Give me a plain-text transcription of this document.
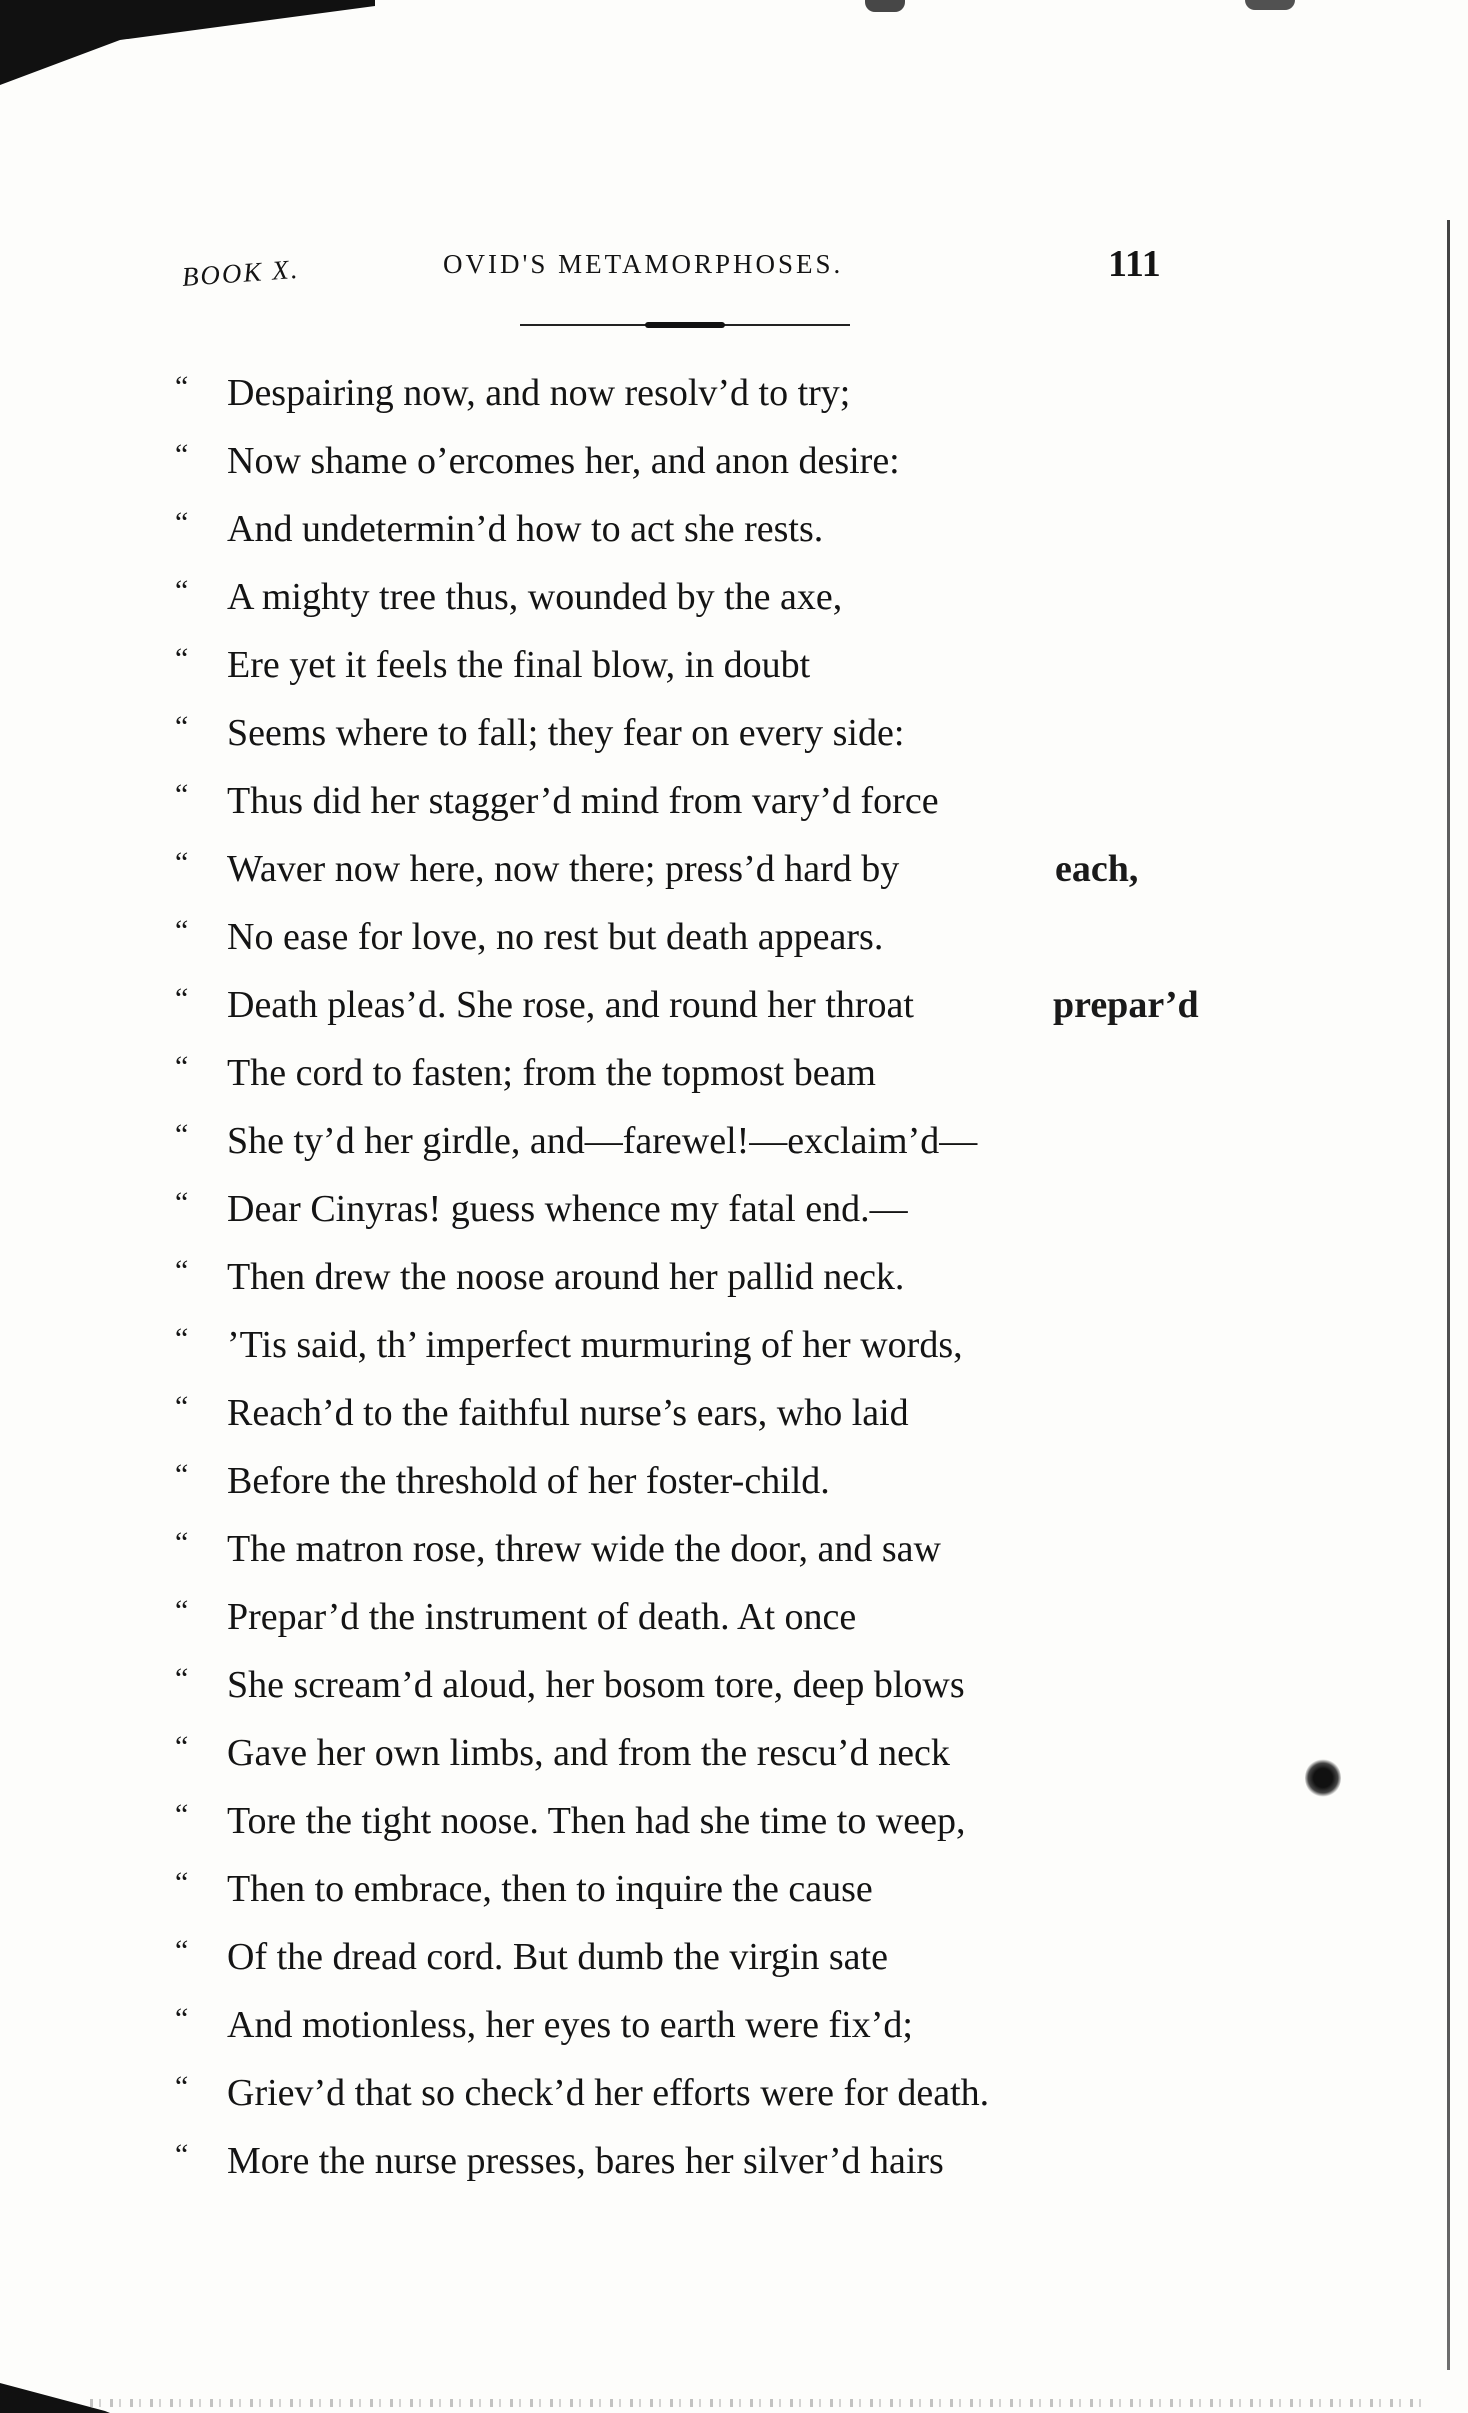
BOOK X.	OVID'S METAMORPHOSES.	111
“ Despairing now, and now resolv’d to try;
“ Now shame o’ercomes her, and anon desire:
“ And undetermin’d how to act she rests.
“ A mighty tree thus, wounded by the axe,
“ Ere yet it feels the final blow, in doubt
“ Seems where to fall; they fear on every side:
“ Thus did her stagger’d mind from vary’d force
“ Waver now here, now there; press’d hard by
“ No ease for love, no rest but death appears.
“ Death pleas’d. She rose, and round her throat
“ The cord to fasten; from the topmost beam
“ She ty’d her girdle, and—farewel!—exclaim’d—
“ Dear Cinyras! guess whence my fatal end.—
“ Then drew the noose around her pallid neck.
“ ’Tis said, th’ imperfect murmuring of her words,
“ Reach’d to the faithful nurse’s ears, who laid
“ Before the threshold of her foster-child.
“ The matron rose, threw wide the door, and saw
“ Prepar’d the instrument of death. At once
“ She scream’d aloud, her bosom tore, deep blows
“ Gave her own limbs, and from the rescu’d neck
“ Tore the tight noose. Then had she time to weep,
“ Then to embrace, then to inquire the cause
“ Of the dread cord. But dumb the virgin sate
“ And motionless, her eyes to earth were fix’d;
“ Griev’d that so check’d her efforts were for death.
“ More the nurse presses, bares her silver’d hairs
each,
prepar’d
